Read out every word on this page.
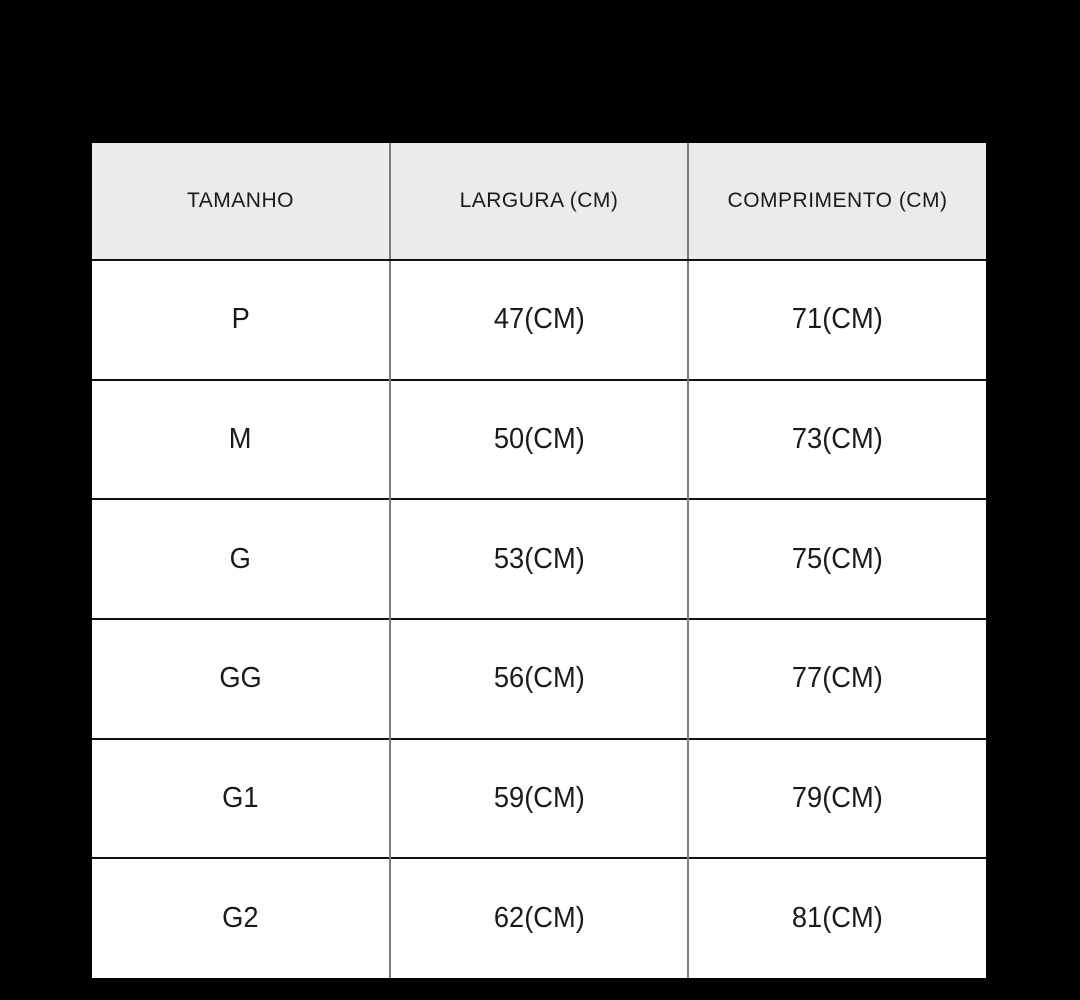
TAMANHO	LARGURA (CM)	COMPRIMENTO (CM)
P	47(CM)	71(CM)
M	50(CM)	73(CM)
G	53(CM)	75(CM)
GG	56(CM)	77(CM)
G1	59(CM)	79(CM)
G2	62(CM)	81(CM)
